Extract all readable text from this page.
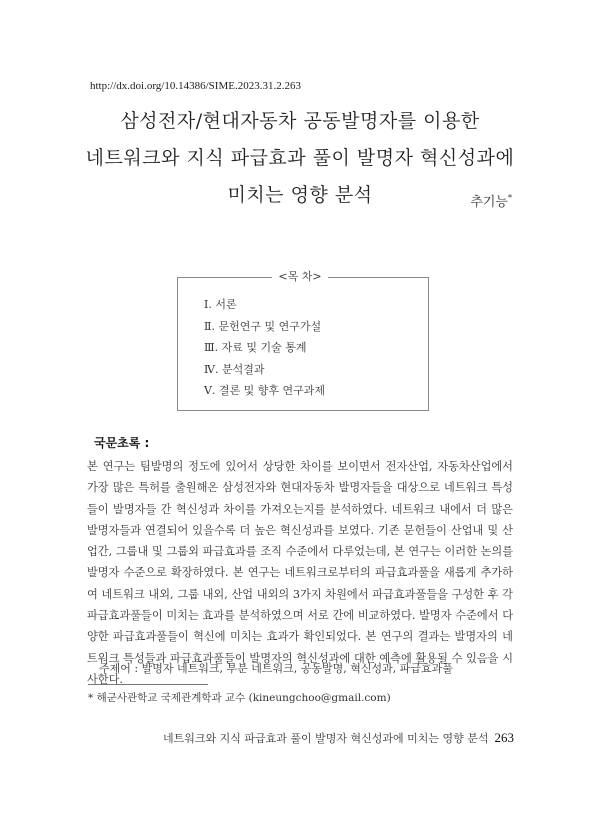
http://dx.doi.org/10.14386/SIME.2023.31.2.263
삼성전자/현대자동차 공동발명자를 이용한
네트워크와 지식 파급효과 풀이 발명자 혁신성과에
미치는 영향 분석	추기능*
Ⅰ. 서론
Ⅱ. 문헌연구 및 연구가설
Ⅲ. 자료 및 기술 통계
Ⅳ. 분석결과
Ⅴ. 결론 및 향후 연구과제
<목 차>
국문초록 :
본 연구는 팀발명의 정도에 있어서 상당한 차이를 보이면서 전자산업, 자동차산업에서 가장 많은 특허를 출원해온 삼성전자와 현대자동차 발명자들을 대상으로 네트워크 특성들이 발명자들 간 혁신성과 차이를 가져오는지를 분석하였다. 네트워크 내에서 더 많은 발명자들과 연결되어 있을수록 더 높은 혁신성과를 보였다. 기존 문헌들이 산업내 및 산업간, 그룹내 및 그룹외 파급효과를 조직 수준에서 다루었는데, 본 연구는 이러한 논의를 발명자 수준으로 확장하였다. 본 연구는 네트워크로부터의 파급효과풀을 새롭게 추가하여 네트워크 내외, 그룹 내외, 산업 내외의 3가지 차원에서 파급효과풀들을 구성한 후 각 파급효과풀들이 미치는 효과를 분석하였으며 서로 간에 비교하였다. 발명자 수준에서 다양한 파급효과풀들이 혁신에 미치는 효과가 확인되었다. 본 연구의 결과는 발명자의 네트워크 특성들과 파급효과풀들이 발명자의 혁신성과에 대한 예측에 활용될 수 있음을 시사한다.
주제어 : 발명자 네트워크, 부분 네트워크, 공동발명, 혁신성과, 파급효과풀
* 해군사관학교 국제관계학과 교수 (kineungchoo@gmail.com)
네트워크와 지식 파급효과 풀이 발명자 혁신성과에 미치는 영향 분석 263
